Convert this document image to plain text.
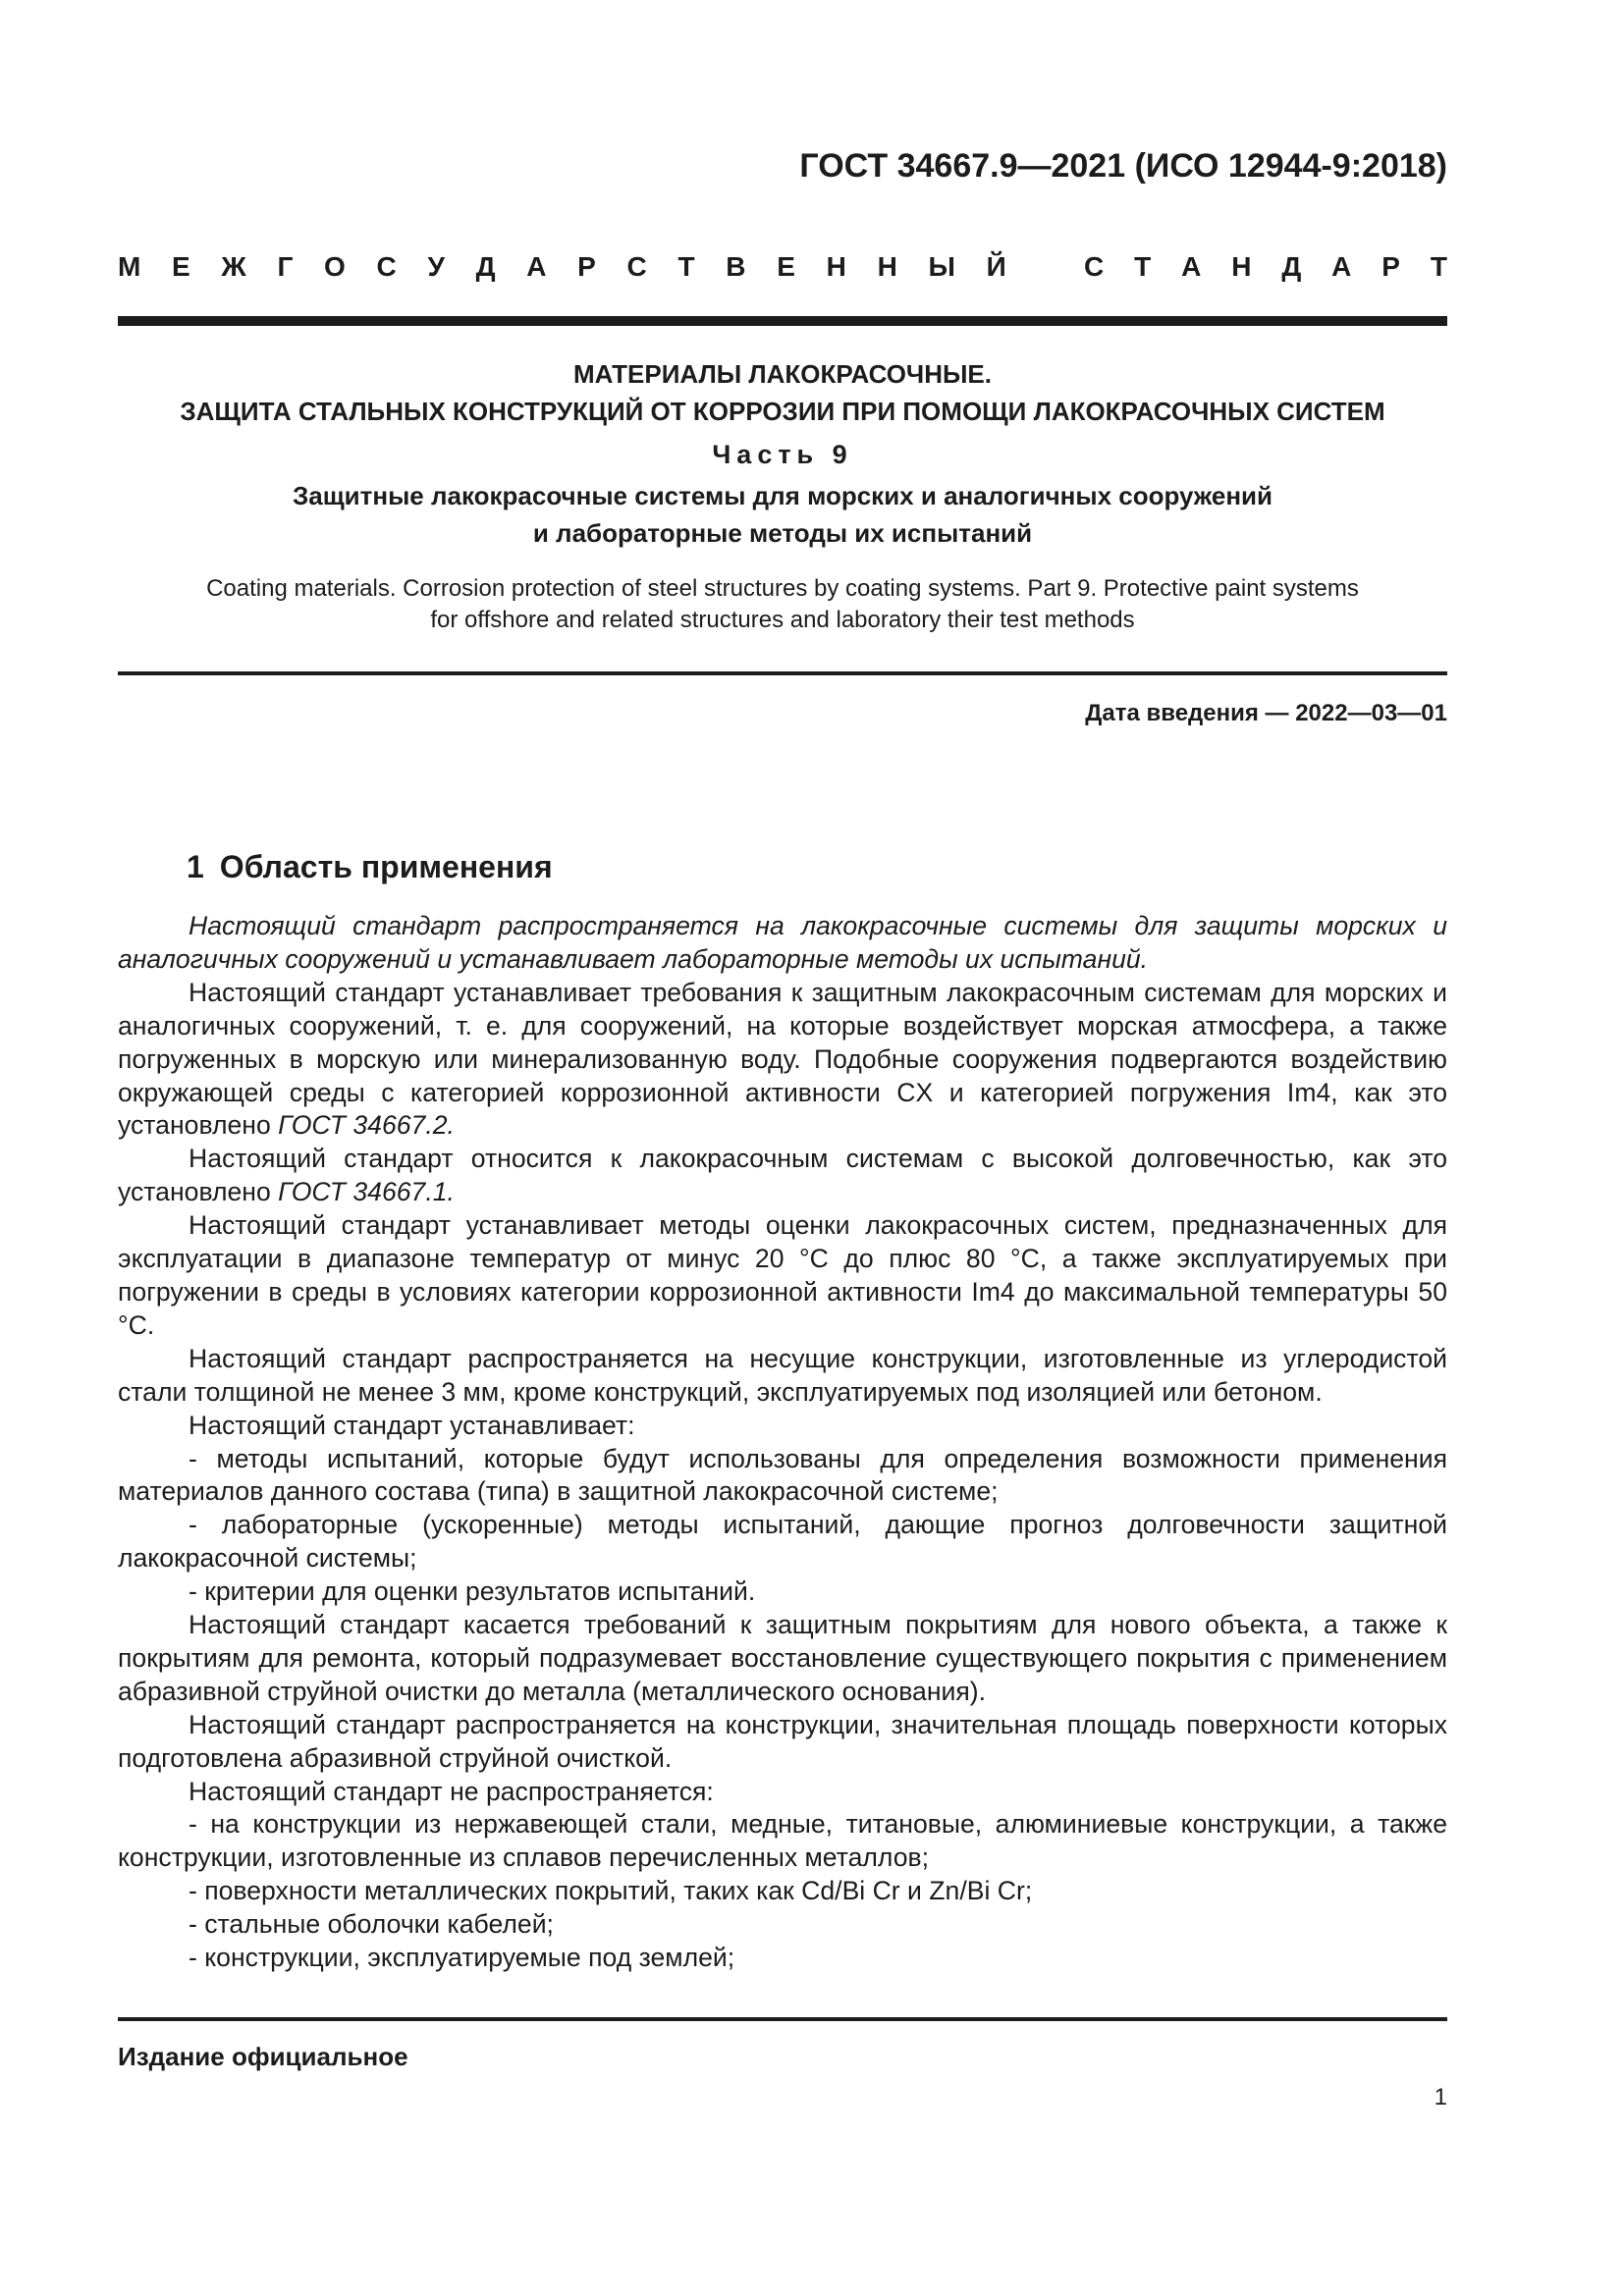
ГОСТ 34667.9—2021 (ИСО 12944-9:2018)
М Е Ж Г О С У Д А Р С Т В Е Н Н Ы Й	С Т А Н Д А Р Т
МАТЕРИАЛЫ ЛАКОКРАСОЧНЫЕ.
ЗАЩИТА СТАЛЬНЫХ КОНСТРУКЦИЙ ОТ КОРРОЗИИ ПРИ ПОМОЩИ ЛАКОКРАСОЧНЫХ СИСТЕМ
Часть 9
Защитные лакокрасочные системы для морских и аналогичных сооружений
и лабораторные методы их испытаний
Coating materials. Corrosion protection of steel structures by coating systems. Part 9. Protective paint systems
for offshore and related structures and laboratory their test methods
Дата введения — 2022—03—01
1 Область применения

Настоящий стандарт распространяется на лакокрасочные системы для защиты морских и аналогичных сооружений и устанавливает лабораторные методы их испытаний.

Настоящий стандарт устанавливает требования к защитным лакокрасочным системам для морских и аналогичных сооружений, т. е. для сооружений, на которые воздействует морская атмосфера, а также погруженных в морскую или минерализованную воду. Подобные сооружения подвергаются воздействию окружающей среды с категорией коррозионной активности CX и категорией погружения Im4, как это установлено ГОСТ 34667.2.

Настоящий стандарт относится к лакокрасочным системам с высокой долговечностью, как это установлено ГОСТ 34667.1.

Настоящий стандарт устанавливает методы оценки лакокрасочных систем, предназначенных для эксплуатации в диапазоне температур от минус 20 °С до плюс 80 °С, а также эксплуатируемых при погружении в среды в условиях категории коррозионной активности Im4 до максимальной температуры 50 °С.

Настоящий стандарт распространяется на несущие конструкции, изготовленные из углеродистой стали толщиной не менее 3 мм, кроме конструкций, эксплуатируемых под изоляцией или бетоном.

Настоящий стандарт устанавливает:

- методы испытаний, которые будут использованы для определения возможности применения материалов данного состава (типа) в защитной лакокрасочной системе;

- лабораторные (ускоренные) методы испытаний, дающие прогноз долговечности защитной лакокрасочной системы;

- критерии для оценки результатов испытаний.

Настоящий стандарт касается требований к защитным покрытиям для нового объекта, а также к покрытиям для ремонта, который подразумевает восстановление существующего покрытия с применением абразивной струйной очистки до металла (металлического основания).

Настоящий стандарт распространяется на конструкции, значительная площадь поверхности которых подготовлена абразивной струйной очисткой.

Настоящий стандарт не распространяется:

- на конструкции из нержавеющей стали, медные, титановые, алюминиевые конструкции, а также конструкции, изготовленные из сплавов перечисленных металлов;

- поверхности металлических покрытий, таких как Cd/Bi Cr и Zn/Bi Cr;

- стальные оболочки кабелей;

- конструкции, эксплуатируемые под землей;

Издание официальное
1
